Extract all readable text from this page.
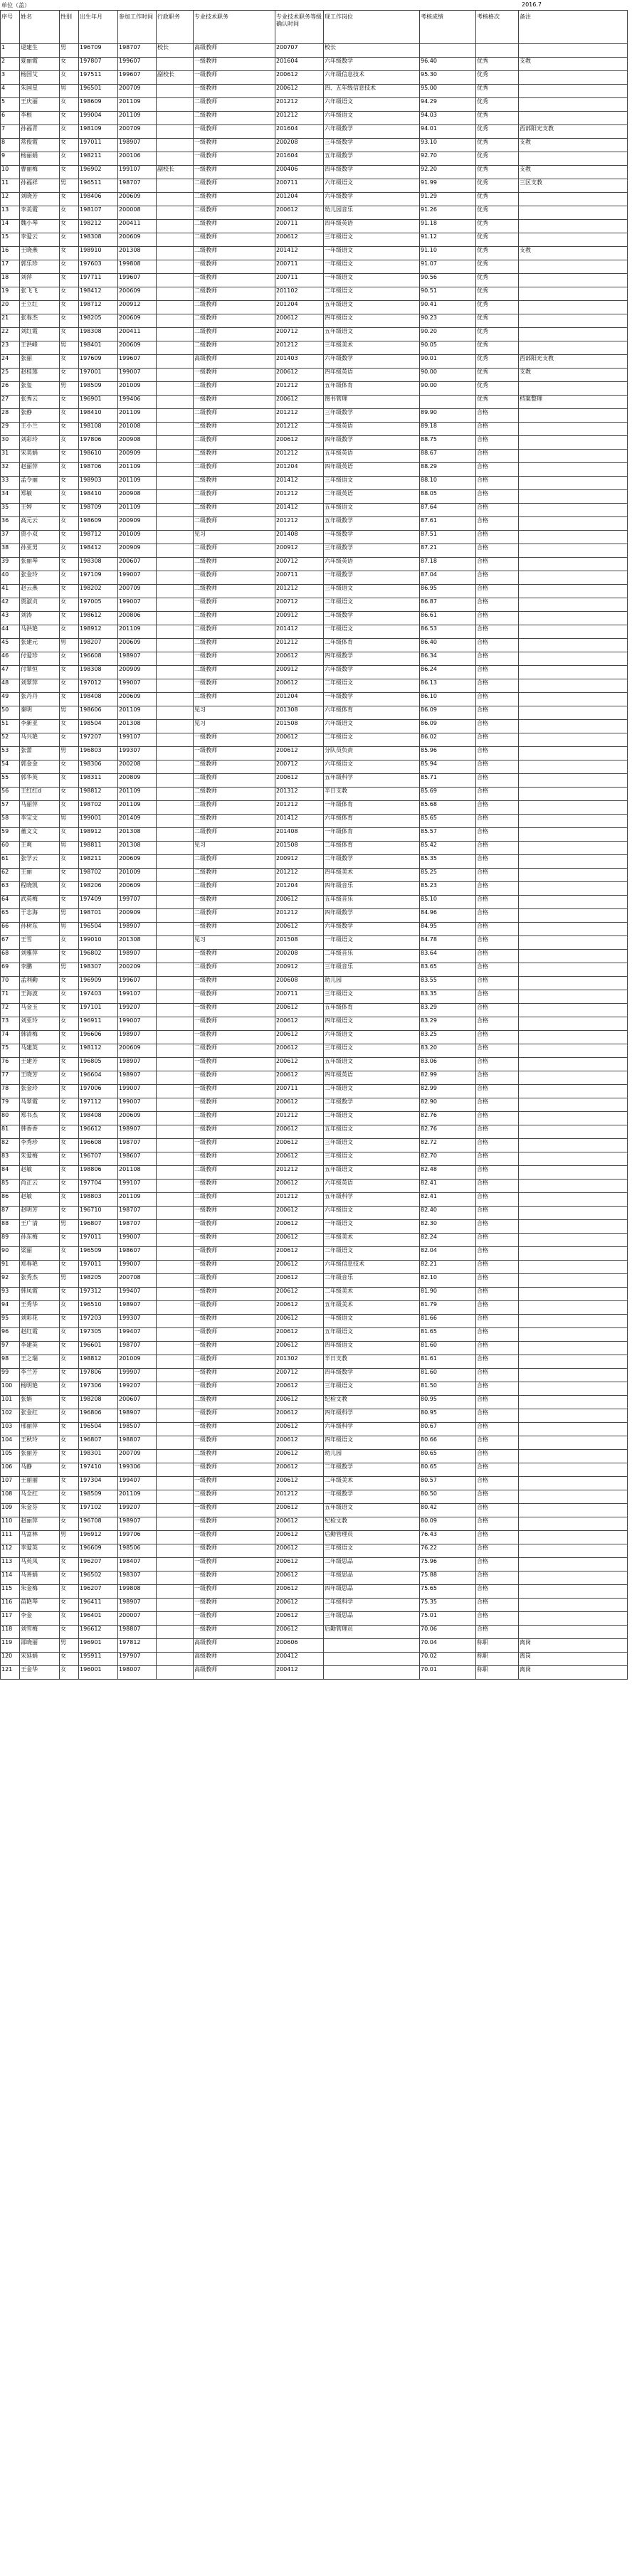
单位（盖）	2016.7
序号	姓名	性别	出生年月	参加工作时间	行政职务	专业技术职务	专业技术职务等级确认时间	现工作岗位	考核成绩	考核格次	备注
1	逯建生	男	196709	198707	校长	高级教师	200707	校长			
2	夏丽霞	女	197807	199607		一级教师	201604	六年级数学	96.40	优秀	支教
3	杨国艾	女	197511	199607	副校长	一级教师	200612	六年级信息技术	95.30	优秀	
4	朱国星	男	196501	200709		一级教师	200612	四、五年级信息技术	95.00	优秀	
5	王庆丽	女	198609	201109		二级教师	201212	六年级语文	94.29	优秀	
6	李根	女	199004	201109		二级教师	201212	六年级语文	94.03	优秀	
7	孙福青	女	198109	200709		一级教师	201604	六年级数学	94.01	优秀	西部阳光支教
8	常俊霞	女	197011	198907		一级教师	200208	三年级数学	93.10	优秀	支教
9	杨丽娟	女	198211	200106		一级教师	201604	五年级数学	92.70	优秀	
10	曹丽梅	女	196902	199107	副校长	一级教师	200406	四年级数学	92.20	优秀	支教
11	孙福祥	男	196511	198707		二级教师	200711	六年级语文	91.99	优秀	三区支教
12	刘晓芳	女	198406	200609		二级教师	201204	六年级数学	91.29	优秀	
13	李美霞	女	198107	200008		二级教师	200612	幼儿园音乐	91.26	优秀	
14	魏小琴	女	198212	200411		二级教师	200711	四年级英语	91.18	优秀	
15	李爱云	女	198308	200609		二级教师	200612	三年级语文	91.12	优秀	
16	王晓燕	女	198910	201308		二级教师	201412	一年级语文	91.10	优秀	支教
17	郭乐珍	女	197603	199808		一级教师	200711	一年级语文	91.07	优秀	
18	刘萍	女	197711	199607		一级教师	200711	一年级语文	90.56	优秀	
19	张飞飞	女	198412	200609		二级教师	201102	二年级语文	90.51	优秀	
20	王立红	女	198712	200912		二级教师	201204	五年级语文	90.41	优秀	
21	张春杰	女	198205	200609		二级教师	200612	四年级语文	90.23	优秀	
22	刘红霞	女	198308	200411		二级教师	200712	五年级语文	90.20	优秀	
23	王洪峰	男	198401	200609		二级教师	201212	三年级美术	90.05	优秀	
24	张丽	女	197609	199607		高级教师	201403	六年级数学	90.01	优秀	西部阳光支教
25	赵桂莲	女	197001	199007		一级教师	200612	四年级英语	90.00	优秀	支教
26	张玺	男	198509	201009		二级教师	201212	五年级体育	90.00	优秀	
27	张秀云	女	196901	199406		一级教师	200612	图书管理		优秀	档案整理
28	张静	女	198410	201109		二级教师	201212	三年级数学	89.90	合格	
29	王小兰	女	198108	201008		二级教师	201212	二年级英语	89.18	合格	
30	刘彩玲	女	197806	200908		二级教师	200612	四年级数学	88.75	合格	
31	宋美娟	女	198610	200909		二级教师	201212	五年级英语	88.67	合格	
32	赵丽萍	女	198706	201109		二级教师	201204	四年级英语	88.29	合格	
33	孟令丽	女	198903	201109		二级教师	201412	三年级语文	88.10	合格	
34	郑敏	女	198410	200908		二级教师	201212	二年级英语	88.05	合格	
35	王婷	女	198709	201109		二级教师	201412	五年级语文	87.64	合格	
36	高元云	女	198609	200909		二级教师	201212	五年级数学	87.61	合格	
37	贾小双	女	198712	201009		见习	201408	一年级数学	87.51	合格	
38	孙亚男	女	198412	200909		二级教师	200912	三年级数学	87.21	合格	
39	张丽琴	女	198308	200607		二级教师	200712	六年级英语	87.18	合格	
40	张金玲	女	197109	199007		一级教师	200711	一年级数学	87.04	合格	
41	赵云燕	女	198202	200709		二级教师	201212	三年级语文	86.95	合格	
42	贾淑贞	女	197005	199007		一级教师	200712	二年级语文	86.87	合格	
43	刘涛	女	198612	200806		二级教师	200912	二年级数学	86.61	合格	
44	马洪艳	女	198912	201109		二级教师	201412	一年级语文	86.53	合格	
45	张建元	男	198207	200609		二级教师	201212	二年级体育	86.40	合格	
46	付爱珍	女	196608	198907		一级教师	200612	四年级数学	86.34	合格	
47	付翠恒	女	198308	200909		二级教师	200912	六年级数学	86.24	合格	
48	刘翠萍	女	197012	199007		一级教师	200612	二年级语文	86.13	合格	
49	张丹丹	女	198408	200609		二级教师	201204	一年级数学	86.10	合格	
50	秦明	男	198606	201109		见习	201308	六年级体育	86.09	合格	
51	李新亚	女	198504	201308		见习	201508	六年级语文	86.09	合格	
52	马兴艳	女	197207	199107		一级教师	200612	二年级语文	86.02	合格	
53	张蕾	男	196803	199307		一级教师	200612	分队员负责	85.96	合格	
54	郭金金	女	198306	200208		二级教师	200712	六年级语文	85.94	合格	
55	郭华英	女	198311	200809		二级教师	200612	五年级科学	85.71	合格	
56	王红红d	女	198812	201109		二级教师	201312	半日支教	85.69	合格	
57	马丽萍	女	198702	201109		二级教师	201212	一年级体育	85.68	合格	
58	李宝文	男	199001	201409		二级教师	201412	六年级体育	85.65	合格	
59	董文文	女	198912	201308		二级教师	201408	一年级体育	85.57	合格	
60	王爽	男	198811	201308		见习	201508	二年级体育	85.42	合格	
61	张学云	女	198211	200609		二级教师	200912	二年级数学	85.35	合格	
62	王丽	女	198702	201009		二级教师	201212	四年级美术	85.25	合格	
63	程晓凯	女	198206	200609		二级教师	201204	四年级音乐	85.23	合格	
64	武英梅	女	197409	199707		一级教师	200612	五年级音乐	85.10	合格	
65	于志海	男	198701	200909		二级教师	201212	四年级数学	84.96	合格	
66	孙树东	男	196504	198907		一级教师	200612	六年级数学	84.95	合格	
67	王雪	女	199010	201308		见习	201508	一年级语文	84.78	合格	
68	刘雅萍	女	196802	198907		一级教师	200208	二年级音乐	83.64	合格	
69	李鹏	男	198307	200209		二级教师	200912	三年级音乐	83.65	合格	
70	孟利勤	女	196909	199607		一级教师	200608	幼儿园	83.55	合格	
71	王海波	女	197403	199107		一级教师	200711	三年级语文	83.35	合格	
72	马金玉	女	197101	199207		一级教师	200612	五年级体育	83.29	合格	
73	刘亚玲	女	196911	199007		一级教师	200612	四年级语文	83.29	合格	
74	韩清梅	女	196606	198907		一级教师	200612	六年级语文	83.25	合格	
75	马建英	女	198112	200609		二级教师	200612	三年级语文	83.20	合格	
76	王建芳	女	196805	198907		一级教师	200612	五年级语文	83.06	合格	
77	王晓芳	女	196604	198907		一级教师	200612	四年级英语	82.99	合格	
78	张金玲	女	197006	199007		一级教师	200711	二年级语文	82.99	合格	
79	马翠霞	女	197112	199007		一级教师	200612	二年级数学	82.90	合格	
80	郑书杰	女	198408	200609		二级教师	201212	二年级语文	82.76	合格	
81	韩香香	女	196612	198907		一级教师	200612	五年级语文	82.76	合格	
82	李秀珍	女	196608	198707		一级教师	200612	三年级语文	82.72	合格	
83	朱爱梅	女	196707	198607		一级教师	200612	三年级语文	82.70	合格	
84	赵敏	女	198806	201108		二级教师	201212	五年级语文	82.48	合格	
85	肖正云	女	197704	199107		一级教师	200612	六年级英语	82.41	合格	
86	赵敏	女	198803	201109		二级教师	201212	五年级科学	82.41	合格	
87	赵明芳	女	196710	198707		一级教师	200612	六年级语文	82.40	合格	
88	王广清	男	196807	198707		一级教师	200612	一年级语文	82.30	合格	
89	孙东梅	女	197011	199007		一级教师	200612	三年级美术	82.24	合格	
90	梁丽	女	196509	198607		一级教师	200612	二年级语文	82.04	合格	
91	郑春艳	女	197011	199007		一级教师	200612	六年级信息技术	82.21	合格	
92	张秀杰	男	198205	200708		二级教师	200612	二年级音乐	82.10	合格	
93	韩凤霞	女	197312	199407		一级教师	200612	二年级美术	81.90	合格	
94	王秀华	女	196510	198907		一级教师	200612	五年级美术	81.79	合格	
95	刘彩花	女	197203	199307		一级教师	200612	一年级语文	81.66	合格	
96	赵红霞	女	197305	199407		一级教师	200612	五年级语文	81.65	合格	
97	李建英	女	196601	198707		一级教师	200612	四年级语文	81.60	合格	
98	王之瑞	女	198812	201009		二级教师	201302	半日支教	81.61	合格	
99	李兰芳	女	197806	199907		一级教师	200712	四年级数学	81.60	合格	
100	杨明艳	女	197306	199207		一级教师	200612	三年级语文	81.50	合格	
101	张娟	女	198208	200607		二级教师	200612	纪检文教	80.95	合格	
102	张金红	女	196806	198907		一级教师	200612	四年级科学	80.95	合格	
103	邢丽萍	女	196504	198507		一级教师	200612	六年级科学	80.67	合格	
104	王秋玲	女	196807	198807		一级教师	200612	四年级语文	80.66	合格	
105	张丽芳	女	198301	200709		二级教师	200612	幼儿园	80.65	合格	
106	马静	女	197410	199306		一级教师	200612	二年级数学	80.65	合格	
107	王丽丽	女	197304	199407		一级教师	200612	二年级美术	80.57	合格	
108	马全红	女	198509	201109		二级教师	201212	一年级数学	80.50	合格	
109	朱金芬	女	197102	199207		一级教师	200612	五年级语文	80.42	合格	
110	赵丽萍	女	196708	198907		一级教师	200612	纪检文教	80.09	合格	
111	马富林	男	196912	199706		一级教师	200612	后勤管理员	76.43	合格	
112	李爱英	女	196609	198506		一级教师	200612	三年级语文	76.22	合格	
113	马英凤	女	196207	198407		一级教师	200612	二年级思品	75.96	合格	
114	马善娟	女	196502	198307		一级教师	200612	一年级思品	75.88	合格	
115	朱金梅	女	196207	199808		一级教师	200612	四年级思品	75.65	合格	
116	苗艳琴	女	196411	198907		一级教师	200612	二年级科学	75.35	合格	
117	李金	女	196401	200007		一级教师	200612	三年级思品	75.01	合格	
118	刘雪梅	女	196612	198807		一级教师	200612	后勤管理员	70.06	合格	
119	邵晓丽	男	196901	197812		高级教师	200606		70.04	称职	离岗
120	宋延娟	女	195911	197907		高级教师	200412		70.02	称职	离岗
121	王金华	女	196001	198007		高级教师	200412		70.01	称职	离岗
